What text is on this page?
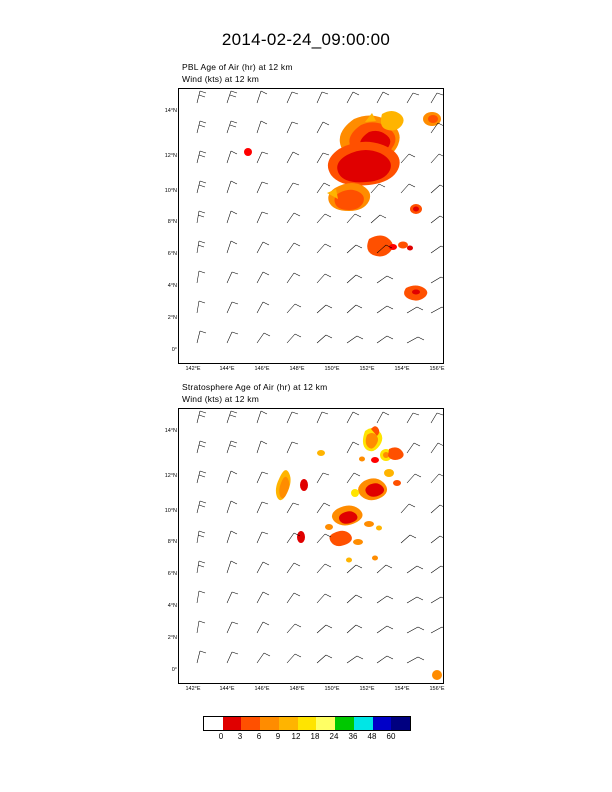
2014-02-24_09:00:00
PBL Age of Air (hr) at 12 km
Wind (kts) at 12 km
14°N
12°N
10°N
8°N
6°N
4°N
2°N
0°
142°E	144°E	146°E	148°E	150°E	152°E	154°E	156°E
Stratosphere Age of Air (hr) at 12 km
Wind (kts) at 12 km
14°N
12°N
10°N
8°N
6°N
4°N
2°N
0°
142°E	144°E	146°E	148°E	150°E	152°E	154°E	156°E
0	3	6	9	12	18	24	36	48	60
